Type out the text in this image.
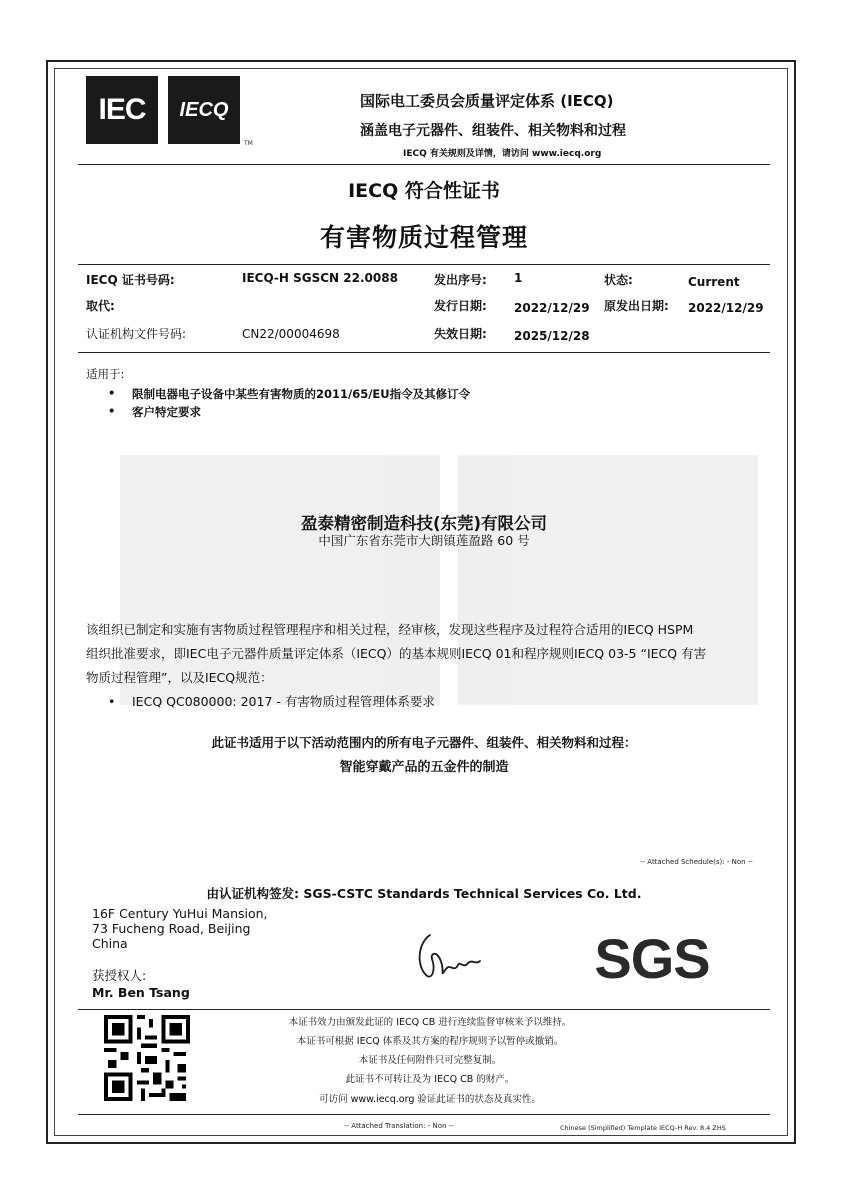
IEC	IECQ
TM
国际电工委员会质量评定体系 (IECQ)
涵盖电子元器件、组装件、相关物料和过程
IECQ 有关规则及详情，请访问 www.iecq.org
IECQ 符合性证书
有害物质过程管理
IECQ 证书号码:	IECQ-H SGSCN 22.0088	发出序号: 1	状态:	Current
取代:	发行日期: 2022/12/29 原发出日期: 2022/12/29
认证机构文件号码:	CN22/00004698	失效日期: 2025/12/28
适用于:
• 限制电器电子设备中某些有害物质的2011/65/EU指令及其修订令
• 客户特定要求
盈泰精密制造科技(东莞)有限公司
中国广东省东莞市大朗镇莲盈路 60 号
该组织已制定和实施有害物质过程管理程序和相关过程，经审核，发现这些程序及过程符合适用的IECQ HSPM
组织批准要求，即IEC电子元器件质量评定体系（IECQ）的基本规则IECQ 01和程序规则IECQ 03-5 “IECQ 有害
物质过程管理”，以及IECQ规范：
• IECQ QC080000: 2017 - 有害物质过程管理体系要求
此证书适用于以下活动范围内的所有电子元器件、组装件、相关物料和过程：
智能穿戴产品的五金件的制造
-- Attached Schedule(s): - Non --
由认证机构签发: SGS-CSTC Standards Technical Services Co. Ltd.
16F Century YuHui Mansion,
73 Fucheng Road, Beijing
China
获授权人:
Mr. Ben Tsang
SGS
本证书效力由颁发此证的 IECQ CB 进行连续监督审核来予以维持。
本证书可根据 IECQ 体系及其方案的程序规则予以暂停或撤销。
本证书及任何附件只可完整复制。
此证书不可转让及为 IECQ CB 的财产。
可访问 www.iecq.org 验证此证书的状态及真实性。
-- Attached Translation: - Non --	Chinese (Simplified) Template IECQ-H Rev. 8.4 ZHS
